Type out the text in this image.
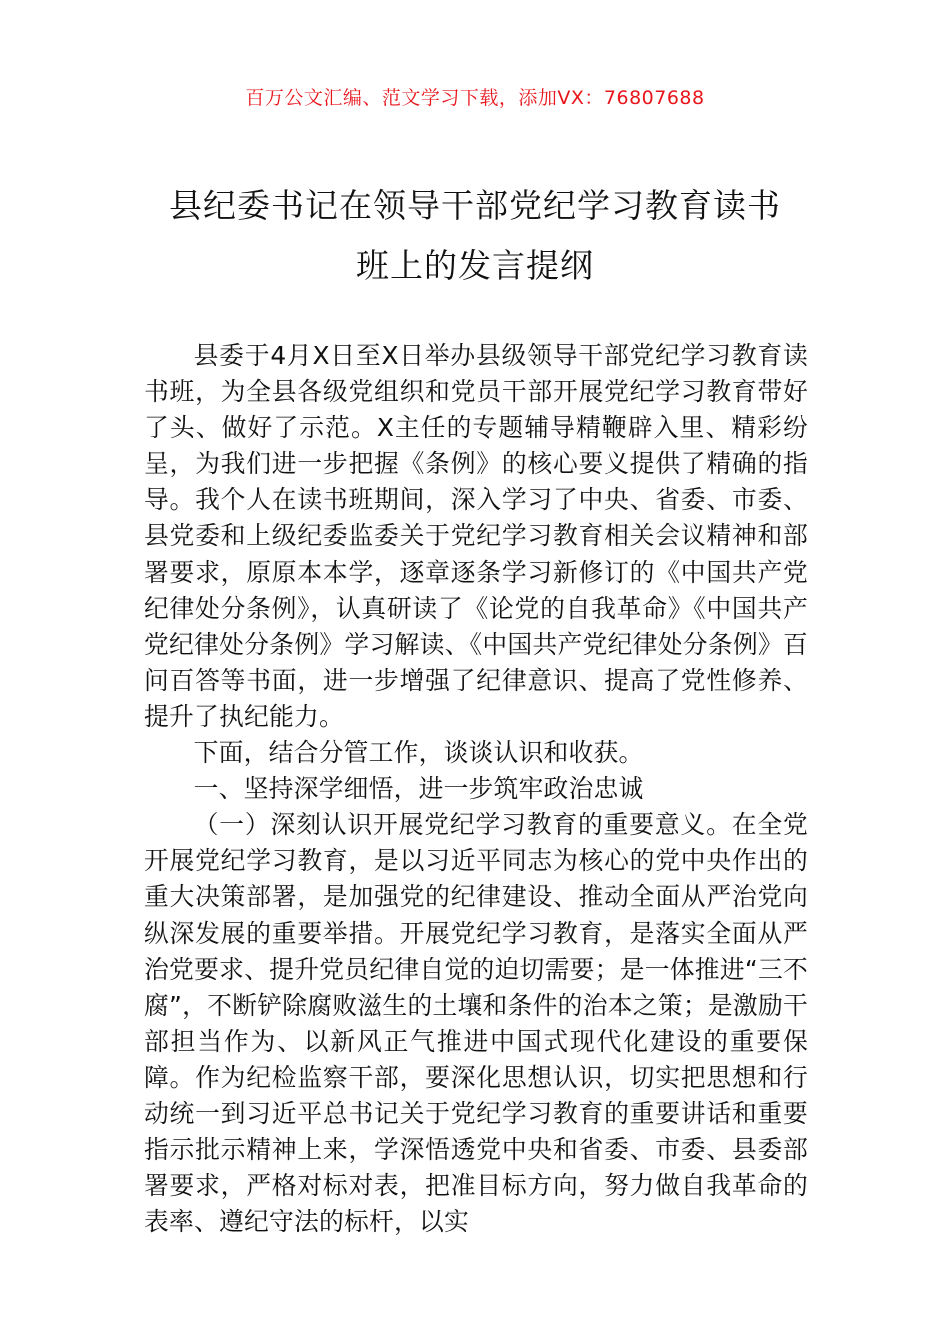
百万公文汇编、范文学习下载，添加VX：76807688
县纪委书记在领导干部党纪学习教育读书
班上的发言提纲

县委于4月X日至X日举办县级领导干部党纪学习教育读书班，为全县各级党组织和党员干部开展党纪学习教育带好了头、做好了示范。X主任的专题辅导精鞭辟入里、精彩纷呈，为我们进一步把握《条例》的核心要义提供了精确的指导。我个人在读书班期间，深入学习了中央、省委、市委、县党委和上级纪委监委关于党纪学习教育相关会议精神和部署要求，原原本本学，逐章逐条学习新修订的《中国共产党纪律处分条例》，认真研读了《论党的自我革命》《中国共产党纪律处分条例》学习解读、《中国共产党纪律处分条例》百问百答等书面，进一步增强了纪律意识、提高了党性修养、提升了执纪能力。

下面，结合分管工作，谈谈认识和收获。

一、坚持深学细悟，进一步筑牢政治忠诚

（一）深刻认识开展党纪学习教育的重要意义。在全党开展党纪学习教育，是以习近平同志为核心的党中央作出的重大决策部署，是加强党的纪律建设、推动全面从严治党向纵深发展的重要举措。开展党纪学习教育，是落实全面从严治党要求、提升党员纪律自觉的迫切需要；是一体推进“三不腐”，不断铲除腐败滋生的土壤和条件的治本之策；是激励干部担当作为、以新风正气推进中国式现代化建设的重要保障。作为纪检监察干部，要深化思想认识，切实把思想和行动统一到习近平总书记关于党纪学习教育的重要讲话和重要指示批示精神上来，学深悟透党中央和省委、市委、县委部署要求，严格对标对表，把准目标方向，努力做自我革命的表率、遵纪守法的标杆，以实
